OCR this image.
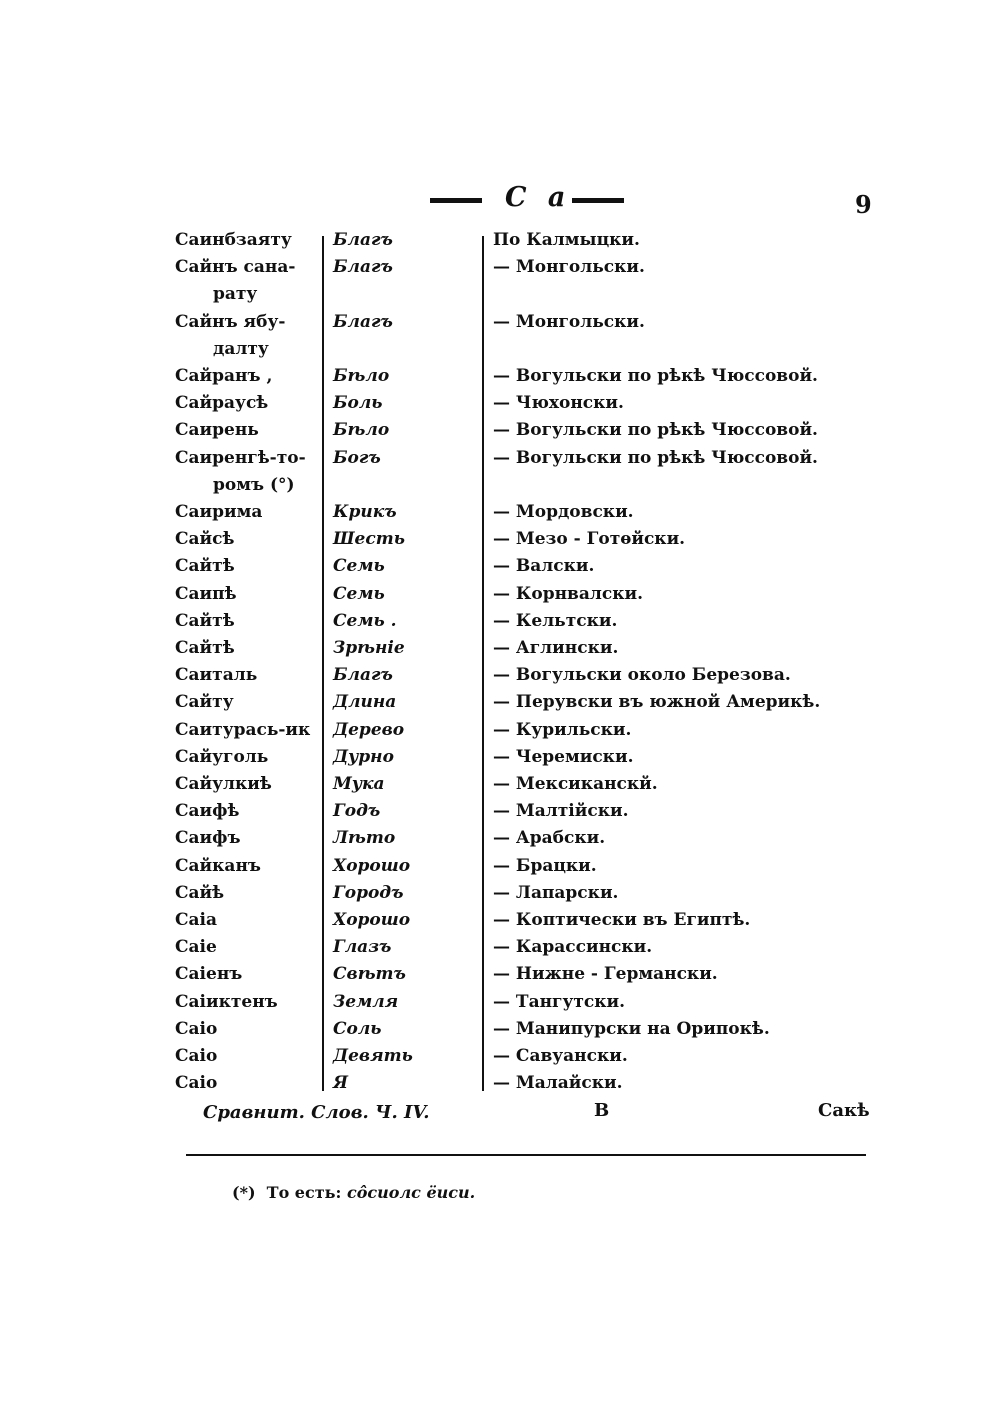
С а	9
Саинбзаяту	Благъ	По Калмыцки.
Сайнъ сана-	Благъ	— Монгольски.
рату
Сайнъ ябу-	Благъ	— Монгольски.
далту
Сайранъ ,	Бѣло	— Вогульски по рѣкѣ Чюссовой.
Сайраусѣ	Боль	— Чюхонски.
Саирень	Бѣло	— Вогульски по рѣкѣ Чюссовой.
Саиренгѣ-то-	Богъ	— Вогульски по рѣкѣ Чюссовой.
ромъ (°)
Саирима	Крикъ	— Мордовски.
Сайсѣ	Шесть	— Мезо - Готѳйски.
Сайтѣ	Семь	— Валски.
Саипѣ	Семь	— Корнвалски.
Сайтѣ	Семь .	— Кельтски.
Сайтѣ	Зрѣніе	— Аглински.
Саиталь	Благъ	— Вогульски около Березова.
Сайту	Длина	— Перувски въ южной Америкѣ.
Саитурась-ик	Дерево	— Курильски.
Сайуголь	Дурно	— Черемиски.
Сайулкиѣ	Мука	— Мексиканскй.
Саифѣ	Годъ	— Малтійски.
Саифъ	Лѣто	— Арабски.
Сайканъ	Хорошо	— Брацки.
Сайѣ	Городъ	— Лапарски.
Саіа	Хорошо	— Коптически въ Египтѣ.
Саіе	Глазъ	— Карассински.
Саіенъ	Свѣтъ	— Нижне - Германски.
Саіиктенъ	Земля	— Тангутски.
Саіо	Соль	— Манипурски на Орипокѣ.
Саіо	Девять	— Савуански.
Саіо	Я	— Малайски.
Сравнит. Слов. Ч. IV.	В	Сакѣ
(*) То есть: со̂сиолс ёиси.
